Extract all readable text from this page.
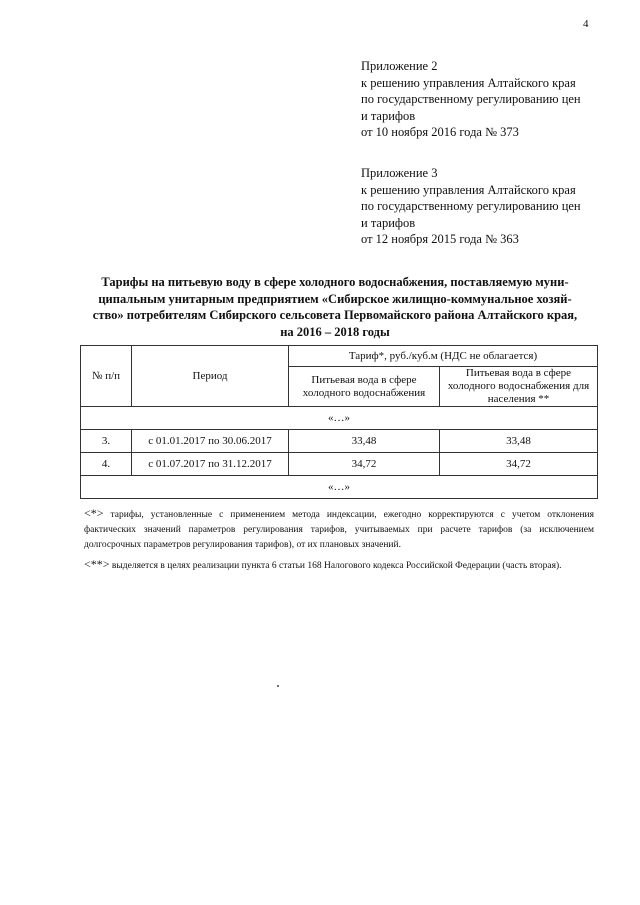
4
Приложение 2
к решению управления Алтайского края
по государственному регулированию цен
и тарифов
от 10 ноября 2016 года № 373
Приложение 3
к решению управления Алтайского края
по государственному регулированию цен
и тарифов
от 12 ноября 2015 года № 363
Тарифы на питьевую воду в сфере холодного водоснабжения, поставляемую муни-
ципальным унитарным предприятием «Сибирское жилищно-коммунальное хозяй-
ство» потребителям Сибирского сельсовета Первомайского района Алтайского края,
на 2016 – 2018 годы
№ п/п	Период	Тариф*, руб./куб.м (НДС не облагается)	
		Питьевая вода в сфере холодного водоснабжения	Питьевая вода в сфере холодного водоснабжения для населения **
«…»			
3.	с 01.01.2017 по 30.06.2017	33,48	33,48
4.	с 01.07.2017 по 31.12.2017	34,72	34,72
«…»			

<*> тарифы, установленные с применением метода индексации, ежегодно корректируются с учетом отклонения фактических значений параметров регулирования тарифов, учитываемых при расчете тарифов (за исключением долгосрочных параметров регулирования тарифов), от их плановых значений.

<**> выделяется в целях реализации пункта 6 статьи 168 Налогового кодекса Российской Федерации (часть вторая).
